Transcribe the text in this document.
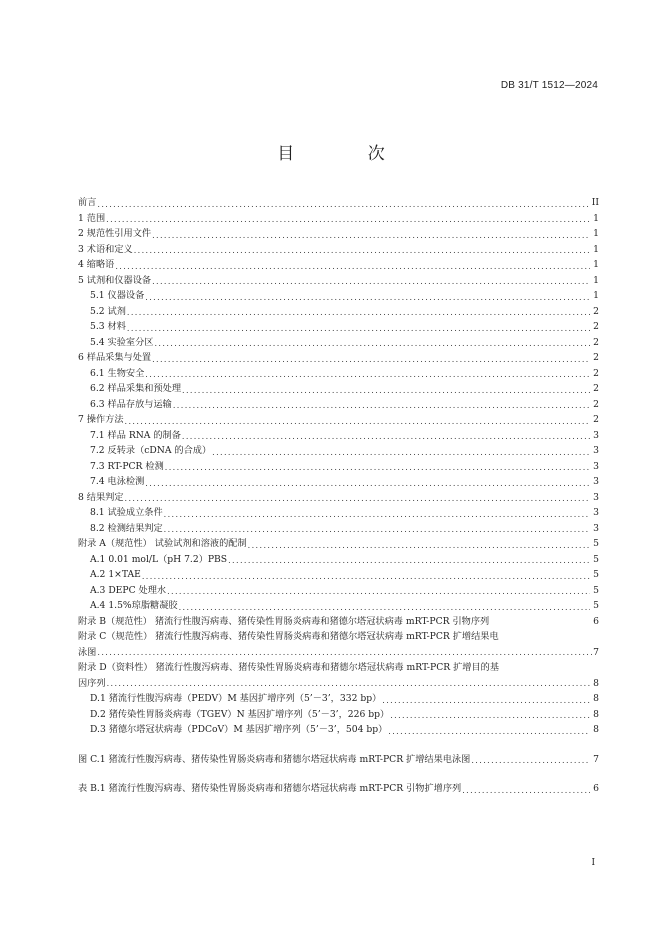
DB 31/T 1512—2024
目 次
前言 .....	II
1 范围 .....	1
2 规范性引用文件 .....	1
3 术语和定义 .....	1
4 缩略语 .....	1
5 试剂和仪器设备 .....	1
5.1 仪器设备 .....	1
5.2 试剂 .....	2
5.3 材料 .....	2
5.4 实验室分区 .....	2
6 样品采集与处置 .....	2
6.1 生物安全 .....	2
6.2 样品采集和预处理 .....	2
6.3 样品存放与运输 .....	2
7 操作方法 .....	2
7.1 样品 RNA 的制备 .....	3
7.2 反转录（cDNA 的合成） .....	3
7.3 RT-PCR 检测 .....	3
7.4 电泳检测 .....	3
8 结果判定 .....	3
8.1 试验成立条件 .....	3
8.2 检测结果判定 .....	3
附录 A（规范性） 试验试剂和溶液的配制 .....	5
A.1 0.01 mol/L（pH 7.2）PBS .....	5
A.2 1×TAE .....	5
A.3 DEPC 处理水 .....	5
A.4 1.5%琼脂糖凝胶 .....	5
附录 B（规范性） 猪流行性腹泻病毒、猪传染性胃肠炎病毒和猪德尔塔冠状病毒 mRT-PCR 引物序列	6
附录 C（规范性） 猪流行性腹泻病毒、猪传染性胃肠炎病毒和猪德尔塔冠状病毒 mRT-PCR 扩增结果电
泳图 .....	7
附录 D（资料性） 猪流行性腹泻病毒、猪传染性胃肠炎病毒和猪德尔塔冠状病毒 mRT-PCR 扩增目的基
因序列 .....	8
D.1 猪流行性腹泻病毒（PEDV）M 基因扩增序列（5’－3’，332 bp） .....	8
D.2 猪传染性胃肠炎病毒（TGEV）N 基因扩增序列（5’－3’，226 bp） .....	8
D.3 猪德尔塔冠状病毒（PDCoV）M 基因扩增序列（5’－3’，504 bp） .....	8
图 C.1 猪流行性腹泻病毒、猪传染性胃肠炎病毒和猪德尔塔冠状病毒 mRT-PCR 扩增结果电泳图 .....	7
表 B.1 猪流行性腹泻病毒、猪传染性胃肠炎病毒和猪德尔塔冠状病毒 mRT-PCR 引物扩增序列 .....	6
I
